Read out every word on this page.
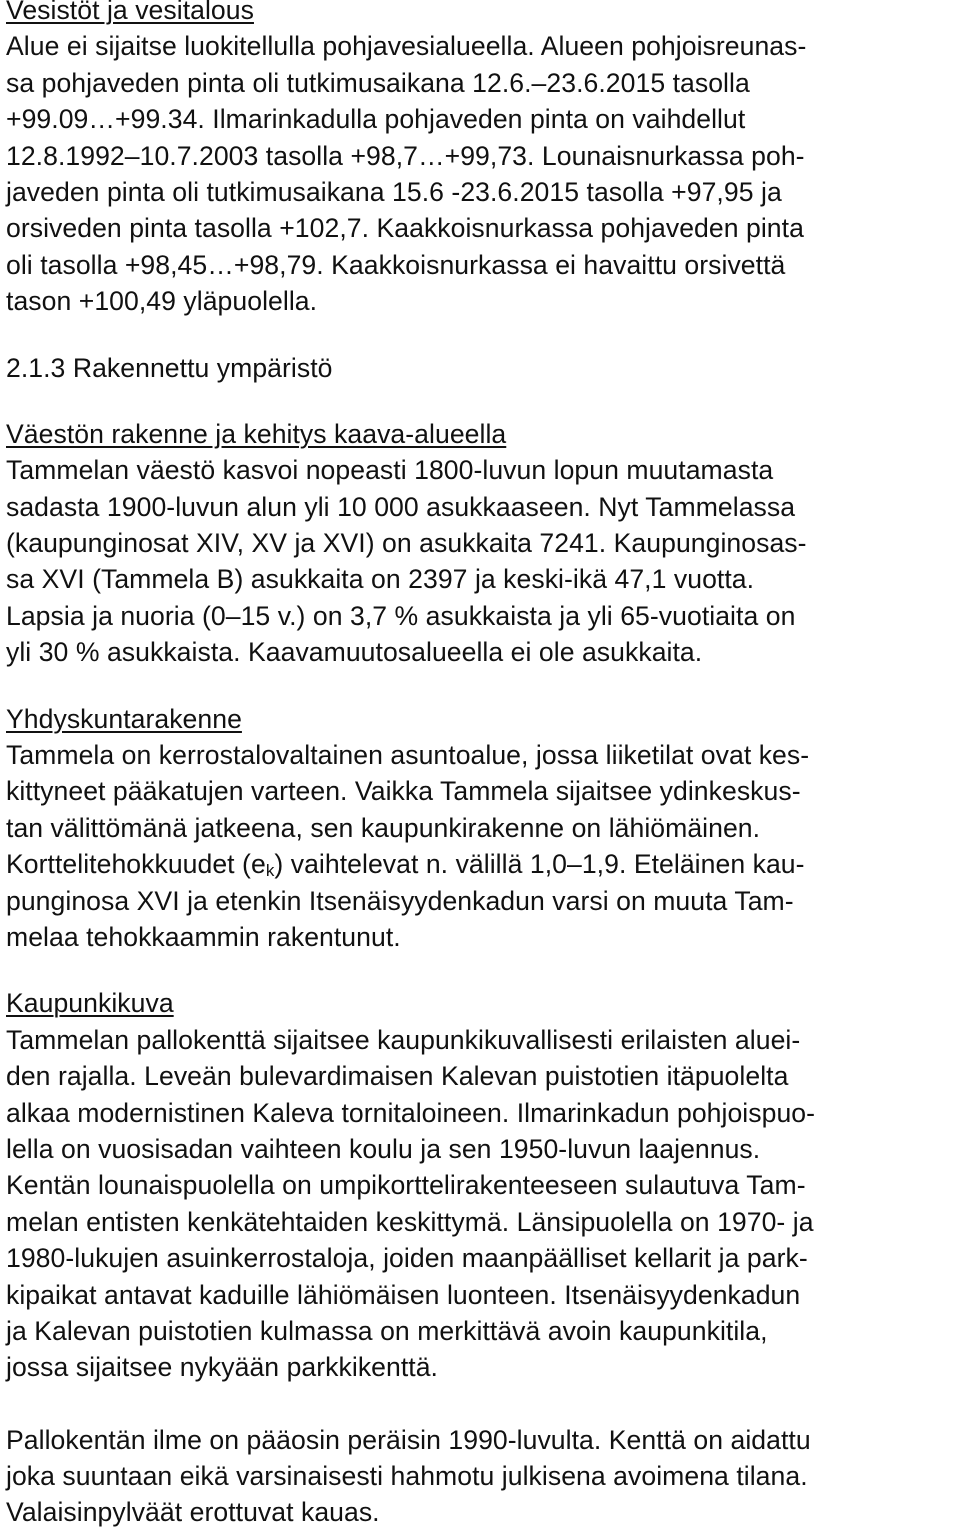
Vesistöt ja vesitalous
Alue ei sijaitse luokitellulla pohjavesialueella. Alueen pohjoisreunas-
sa pohjaveden pinta oli tutkimusaikana 12.6.–23.6.2015 tasolla
+99.09…+99.34. Ilmarinkadulla pohjaveden pinta on vaihdellut
12.8.1992–10.7.2003 tasolla +98,7…+99,73. Lounaisnurkassa poh-
javeden pinta oli tutkimusaikana 15.6 -23.6.2015 tasolla +97,95 ja
orsiveden pinta tasolla +102,7. Kaakkoisnurkassa pohjaveden pinta
oli tasolla +98,45…+98,79. Kaakkoisnurkassa ei havaittu orsivettä
tason +100,49 yläpuolella.
2.1.3 Rakennettu ympäristö
Väestön rakenne ja kehitys kaava-alueella
Tammelan väestö kasvoi nopeasti 1800-luvun lopun muutamasta
sadasta 1900-luvun alun yli 10 000 asukkaaseen. Nyt Tammelassa
(kaupunginosat XIV, XV ja XVI) on asukkaita 7241. Kaupunginosas-
sa XVI (Tammela B) asukkaita on 2397 ja keski-ikä 47,1 vuotta.
Lapsia ja nuoria (0–15 v.) on 3,7 % asukkaista ja yli 65-vuotiaita on
yli 30 % asukkaista. Kaavamuutosalueella ei ole asukkaita.
Yhdyskuntarakenne
Tammela on kerrostalovaltainen asuntoalue, jossa liiketilat ovat kes-
kittyneet pääkatujen varteen. Vaikka Tammela sijaitsee ydinkeskus-
tan välittömänä jatkeena, sen kaupunkirakenne on lähiömäinen.
Korttelitehokkuudet $(e_k)$ vaihtelevat n. välillä 1,0–1,9. Eteläinen kau-
punginosa XVI ja etenkin Itsenäisyydenkadun varsi on muuta Tam-
melaa tehokkaammin rakentunut.
Kaupunkikuva
Tammelan pallokenttä sijaitsee kaupunkikuvallisesti erilaisten aluei-
den rajalla. Leveän bulevardimaisen Kalevan puistotien itäpuolelta
alkaa modernistinen Kaleva tornitaloineen. Ilmarinkadun pohjoispuo-
lella on vuosisadan vaihteen koulu ja sen 1950-luvun laajennus.
Kentän lounaispuolella on umpikorttelirakenteeseen sulautuva Tam-
melan entisten kenkätehtaiden keskittymä. Länsipuolella on 1970- ja
1980-lukujen asuinkerrostaloja, joiden maanpäälliset kellarit ja park-
kipaikat antavat kaduille lähiömäisen luonteen. Itsenäisyydenkadun
ja Kalevan puistotien kulmassa on merkittävä avoin kaupunkitila,
jossa sijaitsee nykyään parkkikenttä.
Pallokentän ilme on pääosin peräisin 1990-luvulta. Kenttä on aidattu
joka suuntaan eikä varsinaisesti hahmotu julkisena avoimena tilana.
Valaisinpylväät erottuvat kauas.
